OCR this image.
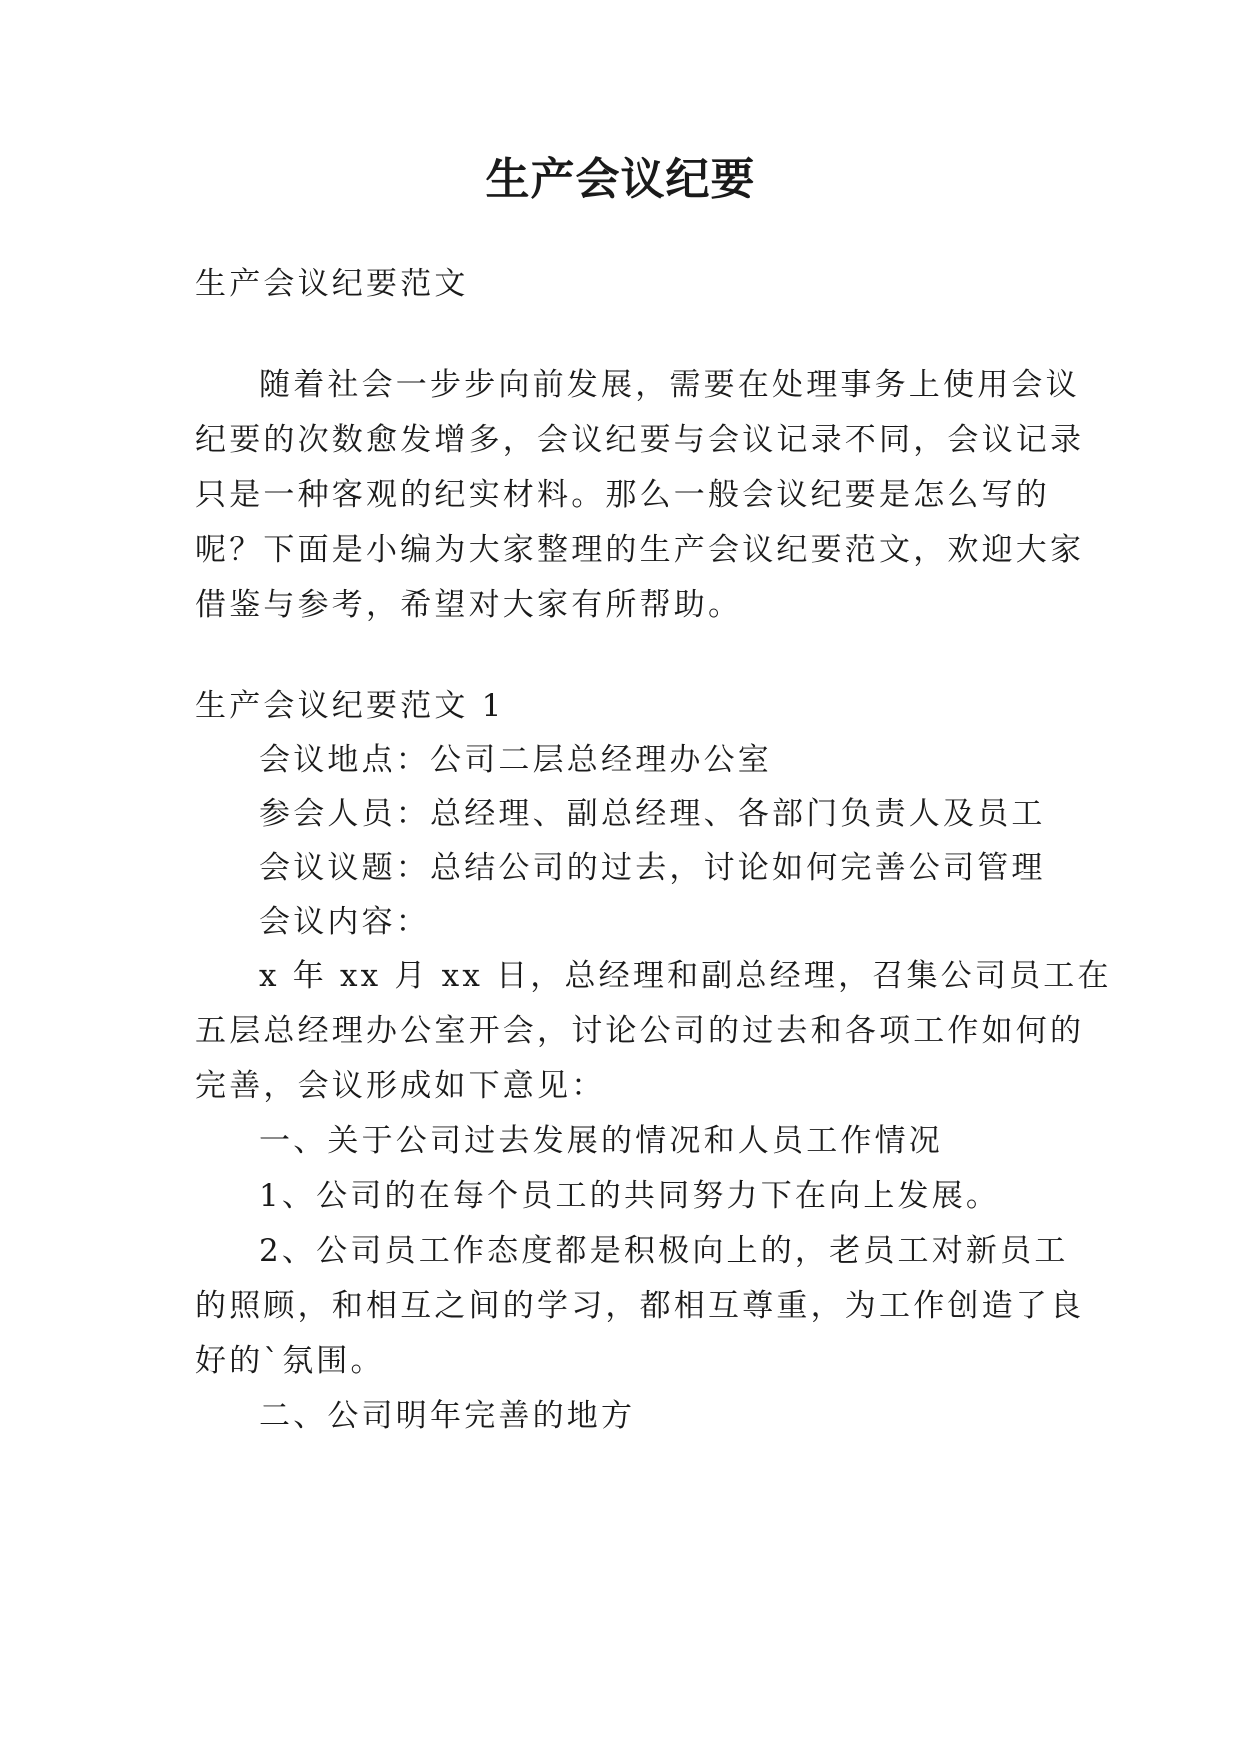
生产会议纪要
生产会议纪要范文
随着社会一步步向前发展，需要在处理事务上使用会议
纪要的次数愈发增多，会议纪要与会议记录不同，会议记录
只是一种客观的纪实材料。那么一般会议纪要是怎么写的
呢？下面是小编为大家整理的生产会议纪要范文，欢迎大家
借鉴与参考，希望对大家有所帮助。
生产会议纪要范文 1
会议地点：公司二层总经理办公室
参会人员：总经理、副总经理、各部门负责人及员工
会议议题：总结公司的过去，讨论如何完善公司管理
会议内容：
x 年 xx 月 xx 日，总经理和副总经理，召集公司员工在
五层总经理办公室开会，讨论公司的过去和各项工作如何的
完善，会议形成如下意见：
一、关于公司过去发展的情况和人员工作情况
1、公司的在每个员工的共同努力下在向上发展。
2、公司员工作态度都是积极向上的，老员工对新员工
的照顾，和相互之间的学习，都相互尊重，为工作创造了良
好的`氛围。
二、公司明年完善的地方
